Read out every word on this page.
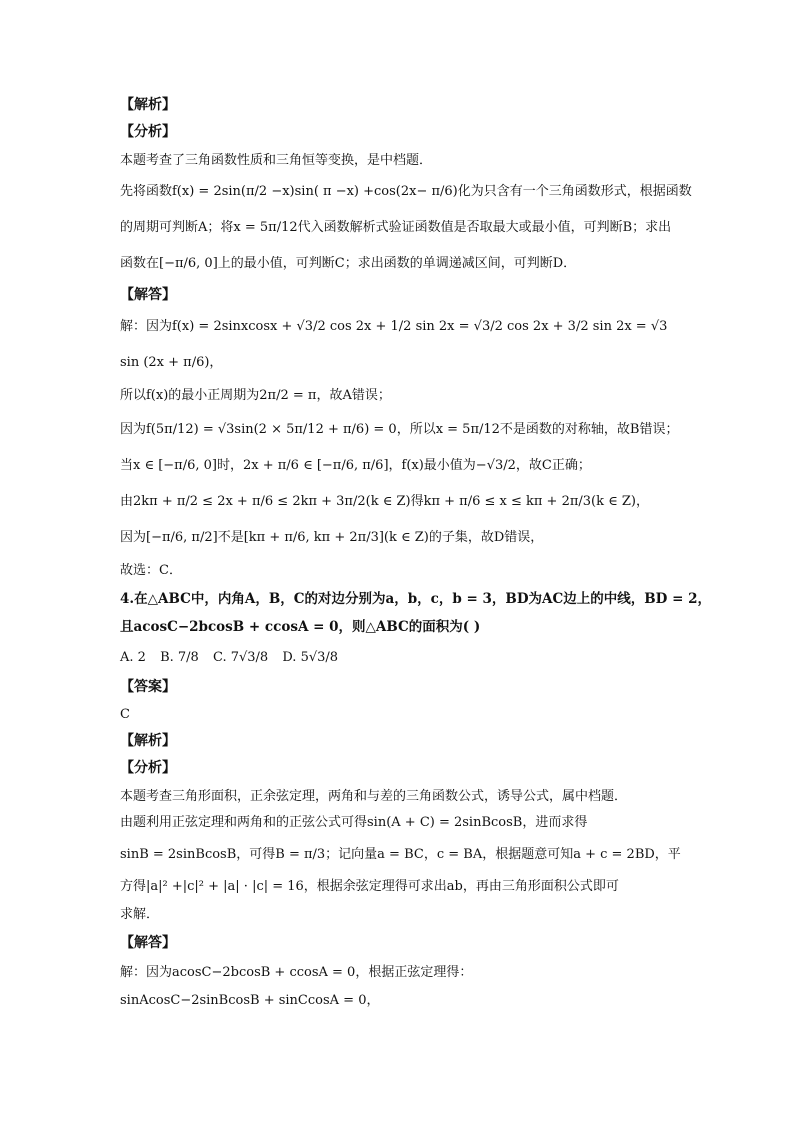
【解析】
【分析】
本题考查了三角函数性质和三角恒等变换，是中档题．
先将函数f(x) = 2sin(π/2 −x)sin( π −x) +cos(2x− π/6)化为只含有一个三角函数形式，根据函数
的周期可判断A；将x = 5π/12代入函数解析式验证函数值是否取最大或最小值，可判断B；求出
函数在[−π/6, 0]上的最小值，可判断C；求出函数的单调递减区间，可判断D．
【解答】
解：因为f(x) = 2sinxcosx + √3/2 cos 2x + 1/2 sin 2x = √3/2 cos 2x + 3/2 sin 2x = √3
sin (2x + π/6)，
所以f(x)的最小正周期为2π/2 = π，故A错误；
因为f(5π/12) = √3sin(2 × 5π/12 + π/6) = 0，所以x = 5π/12不是函数的对称轴，故B错误；
当x ∈ [−π/6, 0]时，2x + π/6 ∈ [−π/6, π/6]，f(x)最小值为−√3/2，故C正确；
由2kπ + π/2 ≤ 2x + π/6 ≤ 2kπ + 3π/2(k ∈ Z)得kπ + π/6 ≤ x ≤ kπ + 2π/3(k ∈ Z)，
因为[−π/6, π/2]不是[kπ + π/6, kπ + 2π/3](k ∈ Z)的子集，故D错误，
故选：C．
4.在△ABC中，内角A，B，C的对边分别为a，b，c，b = 3，BD为AC边上的中线，BD = 2，
且acosC−2bcosB + ccosA = 0，则△ABC的面积为( )
A. 2 B. 7/8 C. 7√3/8 D. 5√3/8
【答案】
C
【解析】
【分析】
本题考查三角形面积，正余弦定理，两角和与差的三角函数公式，诱导公式，属中档题．
由题利用正弦定理和两角和的正弦公式可得sin(A + C) = 2sinBcosB，进而求得
sinB = 2sinBcosB，可得B = π/3；记向量a = BC，c = BA，根据题意可知a + c = 2BD，平
方得|a|² +|c|² + |a| · |c| = 16，根据余弦定理得可求出ab，再由三角形面积公式即可
求解．
【解答】
解：因为acosC−2bcosB + ccosA = 0，根据正弦定理得：
sinAcosC−2sinBcosB + sinCcosA = 0，
